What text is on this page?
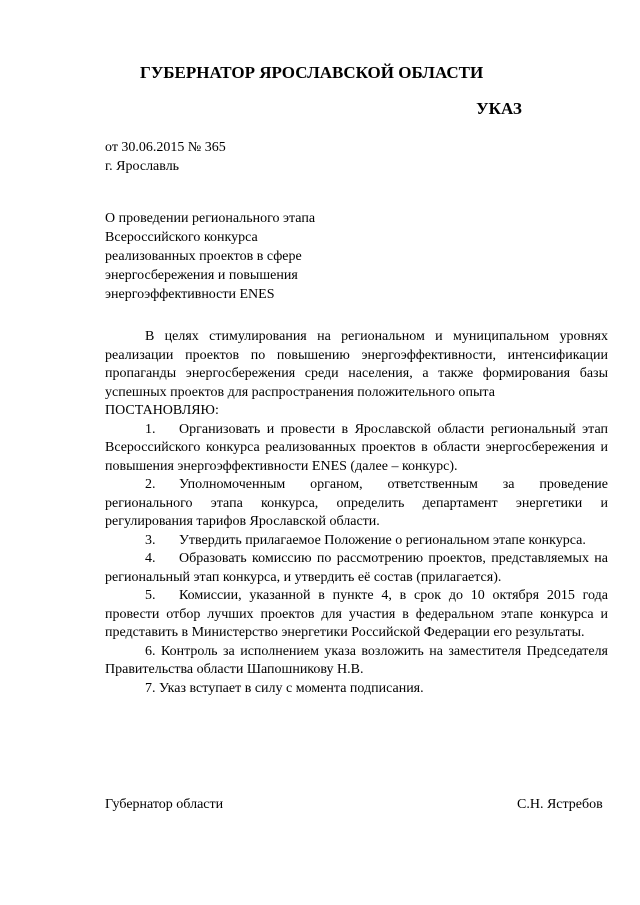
ГУБЕРНАТОР ЯРОСЛАВСКОЙ ОБЛАСТИ
УКАЗ
от 30.06.2015 № 365
г. Ярославль
О проведении регионального этапа
Всероссийского конкурса
реализованных проектов в сфере
энергосбережения и повышения
энергоэффективности ENES

В целях стимулирования на региональном и муниципальном уровнях реализации проектов по повышению энергоэффективности, интенсификации пропаганды энергосбережения среди населения, а также формирования базы успешных проектов для распространения положительного опыта

ПОСТАНОВЛЯЮ:

1. Организовать и провести в Ярославской области региональный этап Всероссийского конкурса реализованных проектов в области энергосбережения и повышения энергоэффективности ENES (далее – конкурс).

2. Уполномоченным органом, ответственным за проведение регионального этапа конкурса, определить департамент энергетики и регулирования тарифов Ярославской области.

3. Утвердить прилагаемое Положение о региональном этапе конкурса.

4. Образовать комиссию по рассмотрению проектов, представляемых на региональный этап конкурса, и утвердить её состав (прилагается).

5. Комиссии, указанной в пункте 4, в срок до 10 октября 2015 года провести отбор лучших проектов для участия в федеральном этапе конкурса и представить в Министерство энергетики Российской Федерации его результаты.

6. Контроль за исполнением указа возложить на заместителя Председателя Правительства области Шапошникову Н.В.

7. Указ вступает в силу с момента подписания.

Губернатор области	С.Н. Ястребов
